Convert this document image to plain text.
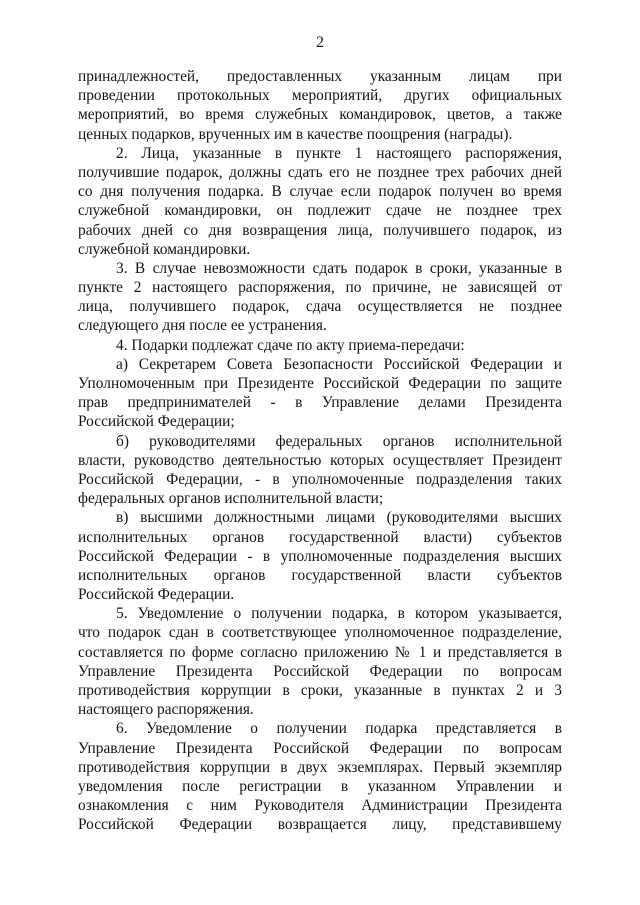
2
принадлежностей, предоставленных указанным лицам при
проведении протокольных мероприятий, других официальных
мероприятий, во время служебных командировок, цветов, а также
ценных подарков, врученных им в качестве поощрения (награды).
2. Лица, указанные в пункте 1 настоящего распоряжения,
получившие подарок, должны сдать его не позднее трех рабочих дней
со дня получения подарка. В случае если подарок получен во время
служебной командировки, он подлежит сдаче не позднее трех
рабочих дней со дня возвращения лица, получившего подарок, из
служебной командировки.
3. В случае невозможности сдать подарок в сроки, указанные в
пункте 2 настоящего распоряжения, по причине, не зависящей от
лица, получившего подарок, сдача осуществляется не позднее
следующего дня после ее устранения.
4. Подарки подлежат сдаче по акту приема-передачи:
а) Секретарем Совета Безопасности Российской Федерации и
Уполномоченным при Президенте Российской Федерации по защите
прав предпринимателей - в Управление делами Президента
Российской Федерации;
б) руководителями федеральных органов исполнительной
власти, руководство деятельностью которых осуществляет Президент
Российской Федерации, - в уполномоченные подразделения таких
федеральных органов исполнительной власти;
в) высшими должностными лицами (руководителями высших
исполнительных органов государственной власти) субъектов
Российской Федерации - в уполномоченные подразделения высших
исполнительных органов государственной власти субъектов
Российской Федерации.
5. Уведомление о получении подарка, в котором указывается,
что подарок сдан в соответствующее уполномоченное подразделение,
составляется по форме согласно приложению № 1 и представляется в
Управление Президента Российской Федерации по вопросам
противодействия коррупции в сроки, указанные в пунктах 2 и 3
настоящего распоряжения.
6. Уведомление о получении подарка представляется в
Управление Президента Российской Федерации по вопросам
противодействия коррупции в двух экземплярах. Первый экземпляр
уведомления после регистрации в указанном Управлении и
ознакомления с ним Руководителя Администрации Президента
Российской Федерации возвращается лицу, представившему
